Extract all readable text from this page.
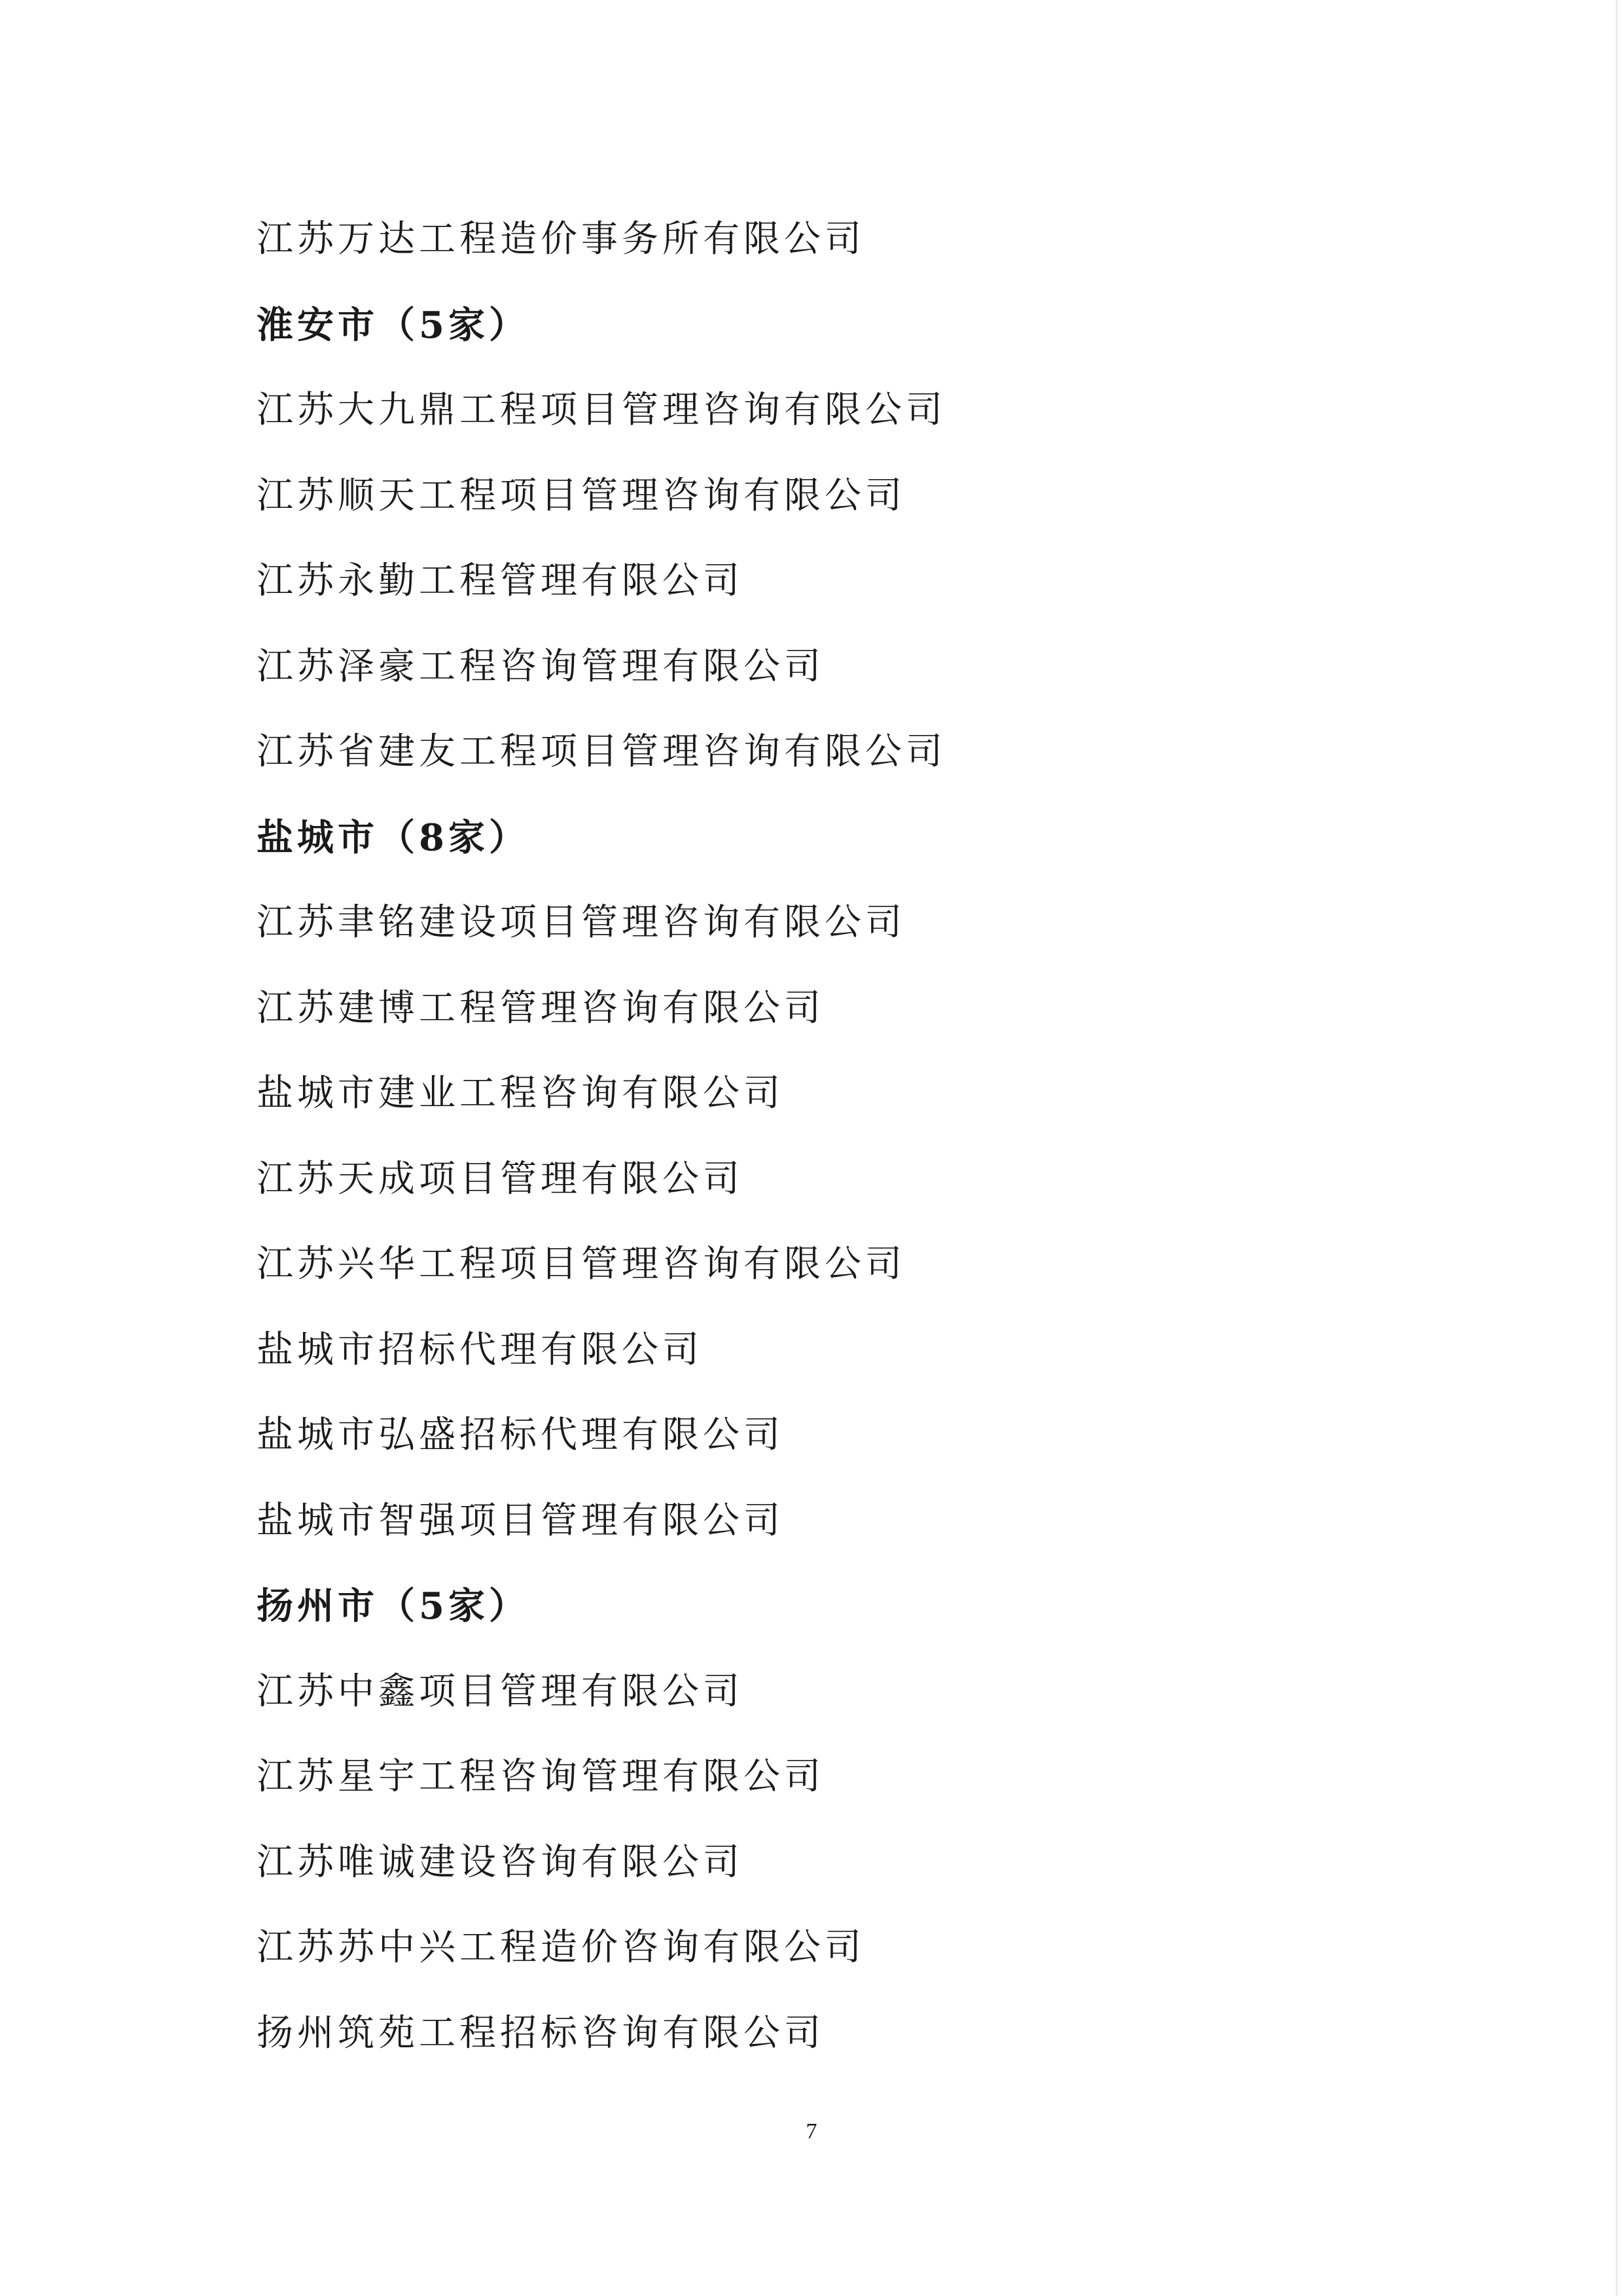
江苏万达工程造价事务所有限公司
淮安市（5家）
江苏大九鼎工程项目管理咨询有限公司
江苏顺天工程项目管理咨询有限公司
江苏永勤工程管理有限公司
江苏泽豪工程咨询管理有限公司
江苏省建友工程项目管理咨询有限公司
盐城市（8家）
江苏聿铭建设项目管理咨询有限公司
江苏建博工程管理咨询有限公司
盐城市建业工程咨询有限公司
江苏天成项目管理有限公司
江苏兴华工程项目管理咨询有限公司
盐城市招标代理有限公司
盐城市弘盛招标代理有限公司
盐城市智强项目管理有限公司
扬州市（5家）
江苏中鑫项目管理有限公司
江苏星宇工程咨询管理有限公司
江苏唯诚建设咨询有限公司
江苏苏中兴工程造价咨询有限公司
扬州筑苑工程招标咨询有限公司
7
